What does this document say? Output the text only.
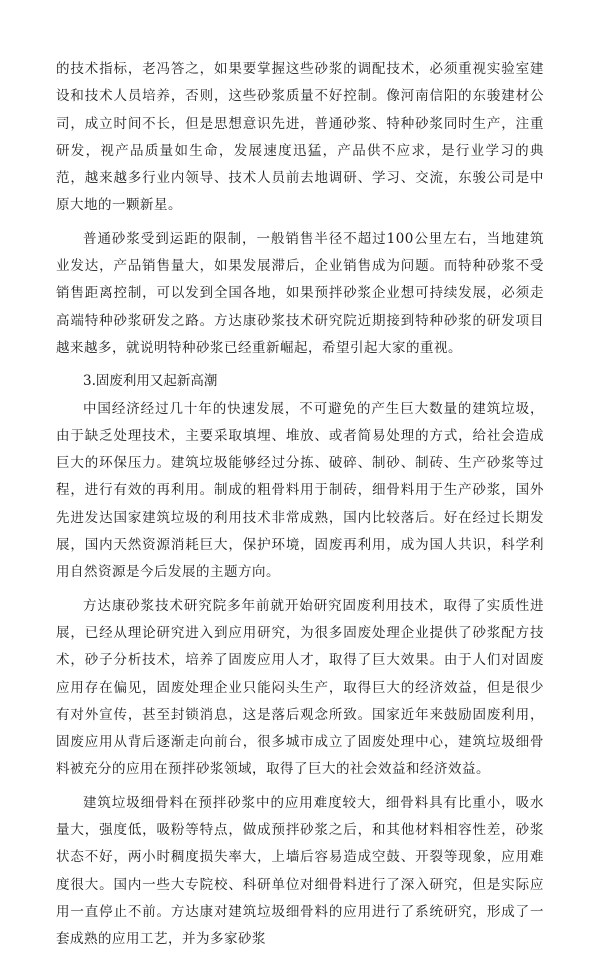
的技术指标，老冯答之，如果要掌握这些砂浆的调配技术，必须重视实验室建设和技术人员培养，否则，这些砂浆质量不好控制。像河南信阳的东骏建材公司，成立时间不长，但是思想意识先进，普通砂浆、特种砂浆同时生产，注重研发，视产品质量如生命，发展速度迅猛，产品供不应求，是行业学习的典范，越来越多行业内领导、技术人员前去地调研、学习、交流，东骏公司是中原大地的一颗新星。

普通砂浆受到运距的限制，一般销售半径不超过100公里左右，当地建筑业发达，产品销售量大，如果发展滞后，企业销售成为问题。而特种砂浆不受销售距离控制，可以发到全国各地，如果预拌砂浆企业想可持续发展，必须走高端特种砂浆研发之路。方达康砂浆技术研究院近期接到特种砂浆的研发项目越来越多，就说明特种砂浆已经重新崛起，希望引起大家的重视。

3.固废利用又起新高潮

中国经济经过几十年的快速发展，不可避免的产生巨大数量的建筑垃圾，由于缺乏处理技术，主要采取填埋、堆放、或者简易处理的方式，给社会造成巨大的环保压力。建筑垃圾能够经过分拣、破碎、制砂、制砖、生产砂浆等过程，进行有效的再利用。制成的粗骨料用于制砖，细骨料用于生产砂浆，国外先进发达国家建筑垃圾的利用技术非常成熟，国内比较落后。好在经过长期发展，国内天然资源消耗巨大，保护环境，固废再利用，成为国人共识，科学利用自然资源是今后发展的主题方向。

方达康砂浆技术研究院多年前就开始研究固废利用技术，取得了实质性进展，已经从理论研究进入到应用研究，为很多固废处理企业提供了砂浆配方技术，砂子分析技术，培养了固废应用人才，取得了巨大效果。由于人们对固废应用存在偏见，固废处理企业只能闷头生产，取得巨大的经济效益，但是很少有对外宣传，甚至封锁消息，这是落后观念所致。国家近年来鼓励固废利用，固废应用从背后逐渐走向前台，很多城市成立了固废处理中心，建筑垃圾细骨料被充分的应用在预拌砂浆领域，取得了巨大的社会效益和经济效益。

建筑垃圾细骨料在预拌砂浆中的应用难度较大，细骨料具有比重小，吸水量大，强度低，吸粉等特点，做成预拌砂浆之后，和其他材料相容性差，砂浆状态不好，两小时稠度损失率大，上墙后容易造成空鼓、开裂等现象，应用难度很大。国内一些大专院校、科研单位对细骨料进行了深入研究，但是实际应用一直停止不前。方达康对建筑垃圾细骨料的应用进行了系统研究，形成了一套成熟的应用工艺，并为多家砂浆
